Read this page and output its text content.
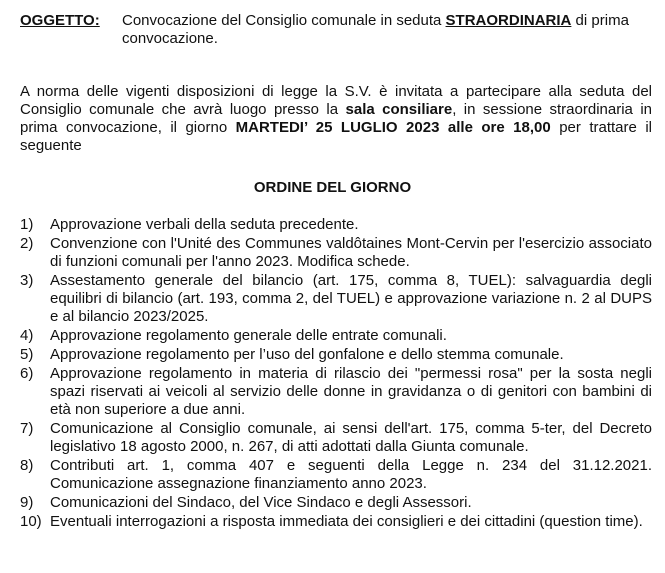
OGGETTO: Convocazione del Consiglio comunale in seduta STRAORDINARIA di prima convocazione.
A norma delle vigenti disposizioni di legge la S.V. è invitata a partecipare alla seduta del Consiglio comunale che avrà luogo presso la sala consiliare, in sessione straordinaria in prima convocazione, il giorno MARTEDI’ 25 LUGLIO 2023 alle ore 18,00 per trattare il seguente
ORDINE DEL GIORNO
1) Approvazione verbali della seduta precedente.
2) Convenzione con l'Unité des Communes valdôtaines Mont-Cervin per l'esercizio associato di funzioni comunali per l'anno 2023. Modifica schede.
3) Assestamento generale del bilancio (art. 175, comma 8, TUEL): salvaguardia degli equilibri di bilancio (art. 193, comma 2, del TUEL) e approvazione variazione n. 2 al DUPS e al bilancio 2023/2025.
4) Approvazione regolamento generale delle entrate comunali.
5) Approvazione regolamento per l’uso del gonfalone e dello stemma comunale.
6) Approvazione regolamento in materia di rilascio dei "permessi rosa" per la sosta negli spazi riservati ai veicoli al servizio delle donne in gravidanza o di genitori con bambini di età non superiore a due anni.
7) Comunicazione al Consiglio comunale, ai sensi dell'art. 175, comma 5-ter, del Decreto legislativo 18 agosto 2000, n. 267, di atti adottati dalla Giunta comunale.
8) Contributi art. 1, comma 407 e seguenti della Legge n. 234 del 31.12.2021. Comunicazione assegnazione finanziamento anno 2023.
9) Comunicazioni del Sindaco, del Vice Sindaco e degli Assessori.
10) Eventuali interrogazioni a risposta immediata dei consiglieri e dei cittadini (question time).
